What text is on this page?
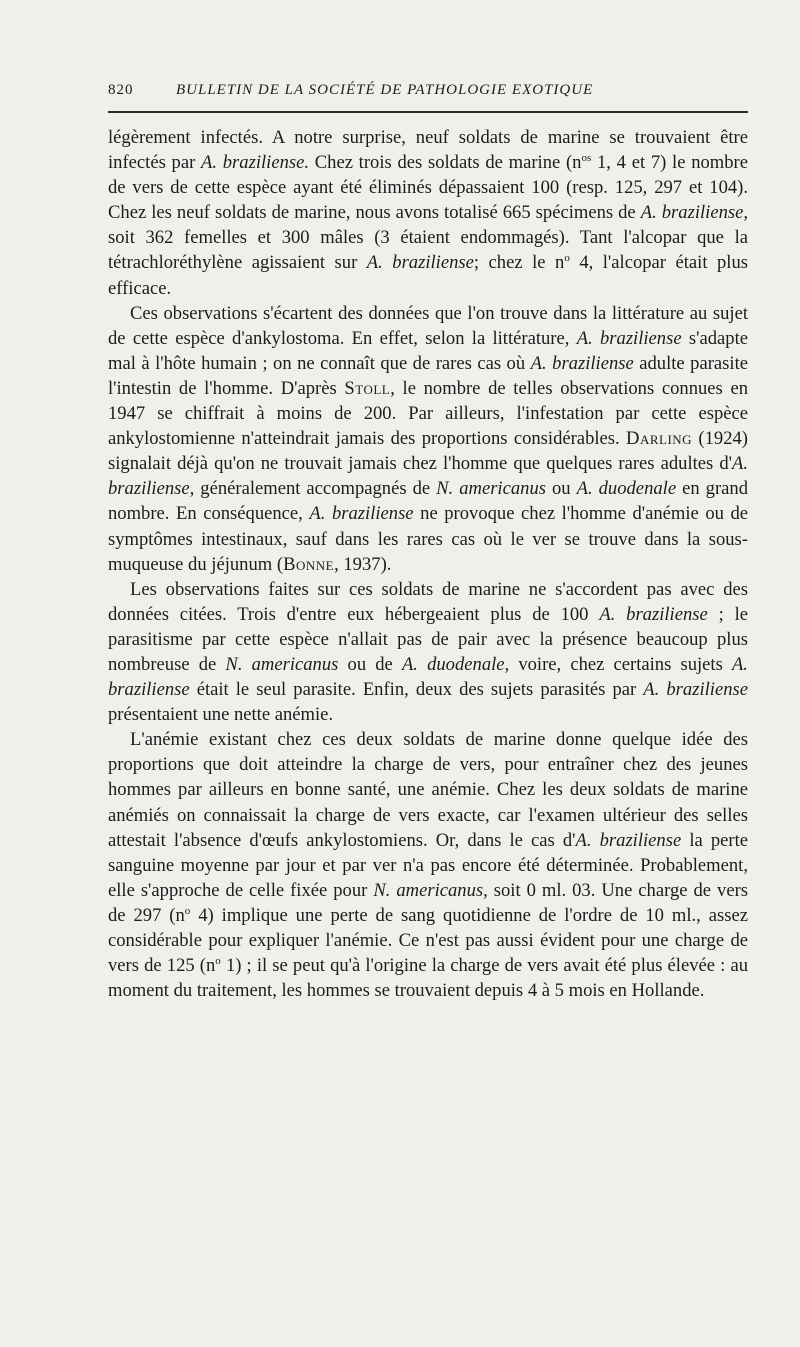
820	BULLETIN DE LA SOCIÉTÉ DE PATHOLOGIE EXOTIQUE

légèrement infectés. A notre surprise, neuf soldats de marine se trouvaient être infectés par A. braziliense. Chez trois des soldats de marine ($n^{os}$ 1, 4 et 7) le nombre de vers de cette espèce ayant été éliminés dépassaient 100 (resp. 125, 297 et 104). Chez les neuf soldats de marine, nous avons totalisé 665 spécimens de A. braziliense, soit 362 femelles et 300 mâles (3 étaient endommagés). Tant l'alcopar que la tétrachloréthylène agissaient sur A. braziliense; chez le $n^o$ 4, l'alcopar était plus efficace.

Ces observations s'écartent des données que l'on trouve dans la littérature au sujet de cette espèce d'ankylostoma. En effet, selon la littérature, A. braziliense s'adapte mal à l'hôte humain ; on ne connaît que de rares cas où A. braziliense adulte parasite l'intestin de l'homme. D'après Stoll, le nombre de telles observations connues en 1947 se chiffrait à moins de 200. Par ailleurs, l'infestation par cette espèce ankylostomienne n'atteindrait jamais des proportions considérables. Darling (1924) signalait déjà qu'on ne trouvait jamais chez l'homme que quelques rares adultes d'A. braziliense, généralement accompagnés de N. americanus ou A. duodenale en grand nombre. En conséquence, A. braziliense ne provoque chez l'homme d'anémie ou de symptômes intestinaux, sauf dans les rares cas où le ver se trouve dans la sous-muqueuse du jéjunum (Bonne, 1937).

Les observations faites sur ces soldats de marine ne s'accordent pas avec des données citées. Trois d'entre eux hébergeaient plus de 100 A. braziliense ; le parasitisme par cette espèce n'allait pas de pair avec la présence beaucoup plus nombreuse de N. americanus ou de A. duodenale, voire, chez certains sujets A. braziliense était le seul parasite. Enfin, deux des sujets parasités par A. braziliense présentaient une nette anémie.

L'anémie existant chez ces deux soldats de marine donne quelque idée des proportions que doit atteindre la charge de vers, pour entraîner chez des jeunes hommes par ailleurs en bonne santé, une anémie. Chez les deux soldats de marine anémiés on connaissait la charge de vers exacte, car l'examen ultérieur des selles attestait l'absence d'œufs ankylostomiens. Or, dans le cas d'A. braziliense la perte sanguine moyenne par jour et par ver n'a pas encore été déterminée. Probablement, elle s'approche de celle fixée pour N. americanus, soit 0 ml. 03. Une charge de vers de 297 ($n^o$ 4) implique une perte de sang quotidienne de l'ordre de 10 ml., assez considérable pour expliquer l'anémie. Ce n'est pas aussi évident pour une charge de vers de 125 ($n^o$ 1) ; il se peut qu'à l'origine la charge de vers avait été plus élevée : au moment du traitement, les hommes se trouvaient depuis 4 à 5 mois en Hollande.
